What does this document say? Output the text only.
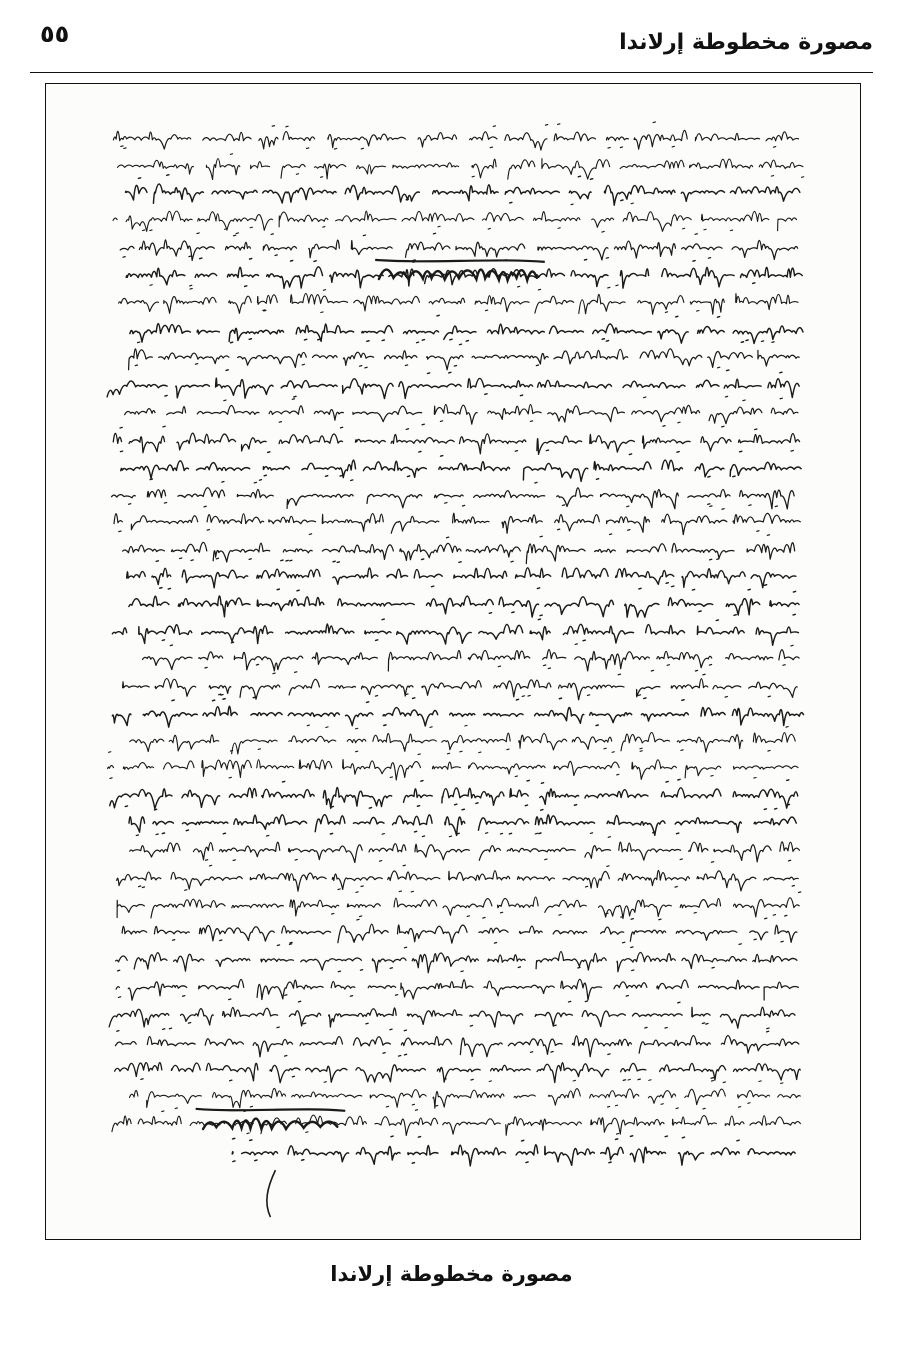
٥٥	مصورة مخطوطة إرلاندا
مصورة مخطوطة إرلاندا
